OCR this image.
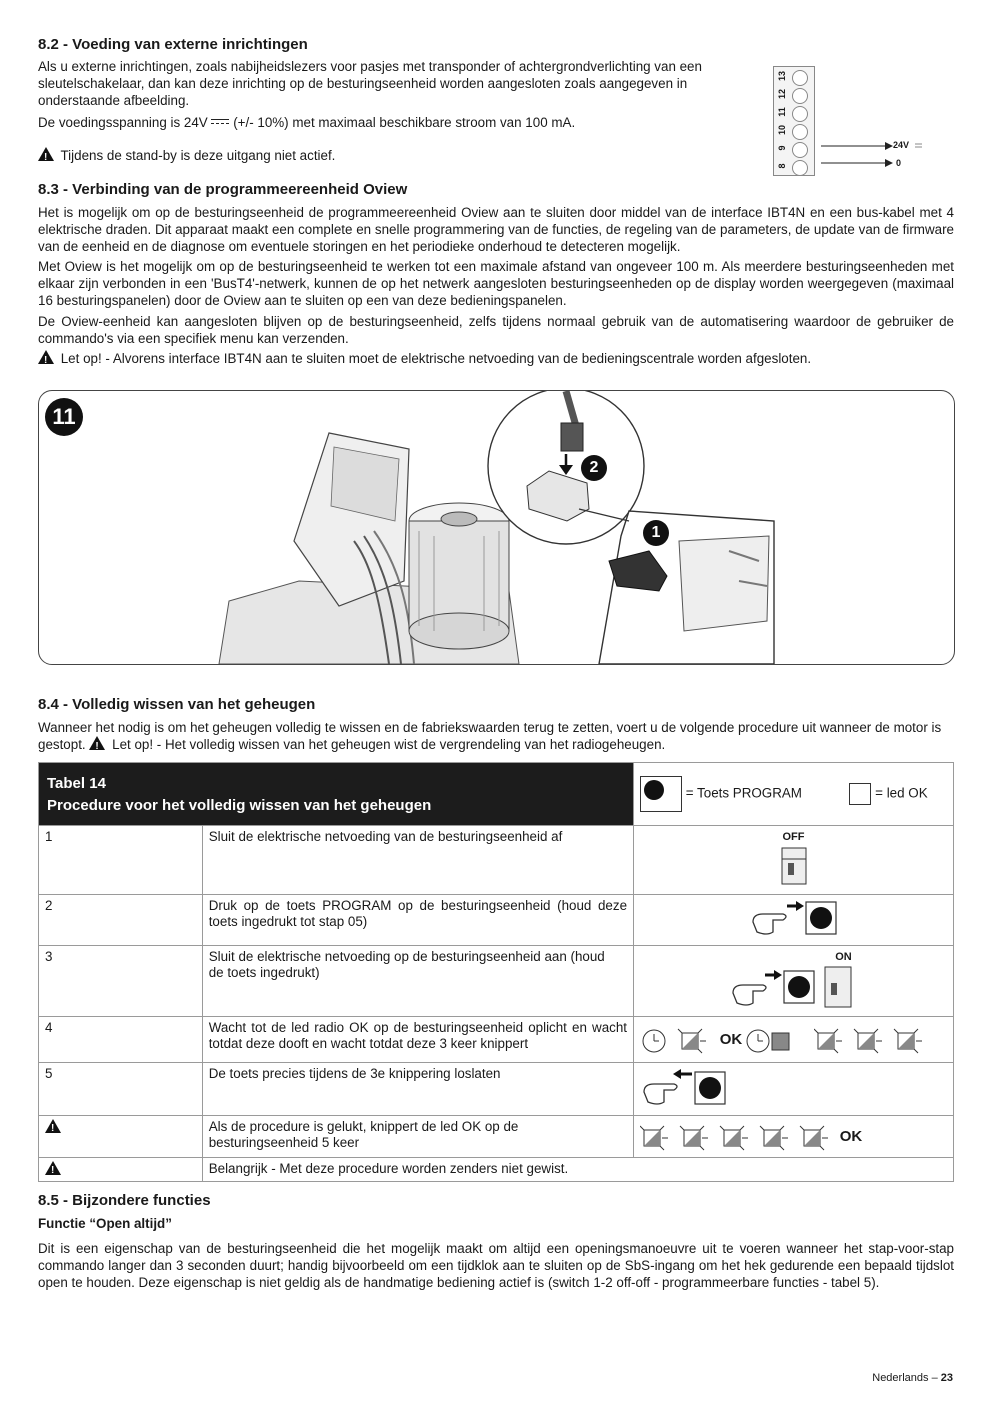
8.2 - Voeding van externe inrichtingen
Als u externe inrichtingen, zoals nabijheidslezers voor pasjes met transponder of achtergrondverlichting van een sleutelschakelaar, dan kan deze inrichting op de besturingseenheid worden aangesloten zoals aangegeven in onderstaande afbeelding.
De voedingsspanning is 24V (+/- 10%) met maximaal beschikbare stroom van 100 mA.
! Tijdens de stand-by is deze uitgang niet actief.
13
12
11
10
9
8
24V
0
8.3 - Verbinding van de programmeereenheid Oview
Het is mogelijk om op de besturingseenheid de programmeereenheid Oview aan te sluiten door middel van de interface IBT4N en een bus-kabel met 4 elektrische draden. Dit apparaat maakt een complete en snelle programmering van de functies, de regeling van de parameters, de update van de firmware van de eenheid en de diagnose om eventuele storingen en het periodieke onderhoud te detecteren mogelijk.
Met Oview is het mogelijk om op de besturingseenheid te werken tot een maximale afstand van ongeveer 100 m. Als meerdere besturingseenheden met elkaar zijn verbonden in een 'BusT4'-netwerk, kunnen de op het netwerk aangesloten besturingseenheden op de display worden weergegeven (maximaal 16 besturingspanelen) door de Oview aan te sluiten op een van deze bedieningspanelen.
De Oview-eenheid kan aangesloten blijven op de besturingseenheid, zelfs tijdens normaal gebruik van de automatisering waardoor de gebruiker de commando's via een specifiek menu kan verzenden.
! Let op! - Alvorens interface IBT4N aan te sluiten moet de elektrische netvoeding van de bedieningscentrale worden afgesloten.
11
2
1
8.4 - Volledig wissen van het geheugen
Wanneer het nodig is om het geheugen volledig te wissen en de fabriekswaarden terug te zetten, voert u de volgende procedure uit wanneer de motor is gestopt. ! Let op! - Het volledig wissen van het geheugen wist de vergrendeling van het radiogeheugen.
Tabel 14
Procedure voor het volledig wissen van het geheugen		= Toets PROGRAM = led OK
1	Sluit de elektrische netvoeding van de besturingseenheid af	OFF

2	Druk op de toets PROGRAM op de besturingseenheid (houd deze toets ingedrukt tot stap 05)	
3	Sluit de elektrische netvoeding op de besturingseenheid aan (houd
de toets ingedrukt)	ON

4	Wacht tot de led radio OK op de besturingseenheid oplicht en wacht totdat deze dooft en wacht totdat deze 3 keer knippert	OK
5	De toets precies tijdens de 3e knippering loslaten	
!	Als de procedure is gelukt, knippert de led OK op de besturingseenheid 5 keer	OK
!	Belangrijk - Met deze procedure worden zenders niet gewist.	
8.5 - Bijzondere functies
Functie “Open altijd”
Dit is een eigenschap van de besturingseenheid die het mogelijk maakt om altijd een openingsmanoeuvre uit te voeren wanneer het stap-voor-stap commando langer dan 3 seconden duurt; handig bijvoorbeeld om een tijdklok aan te sluiten op de SbS-ingang om het hek gedurende een bepaald tijdslot open te houden. Deze eigenschap is niet geldig als de handmatige bediening actief is (switch 1-2 off-off - programmeerbare functies - tabel 5).
Nederlands – 23
